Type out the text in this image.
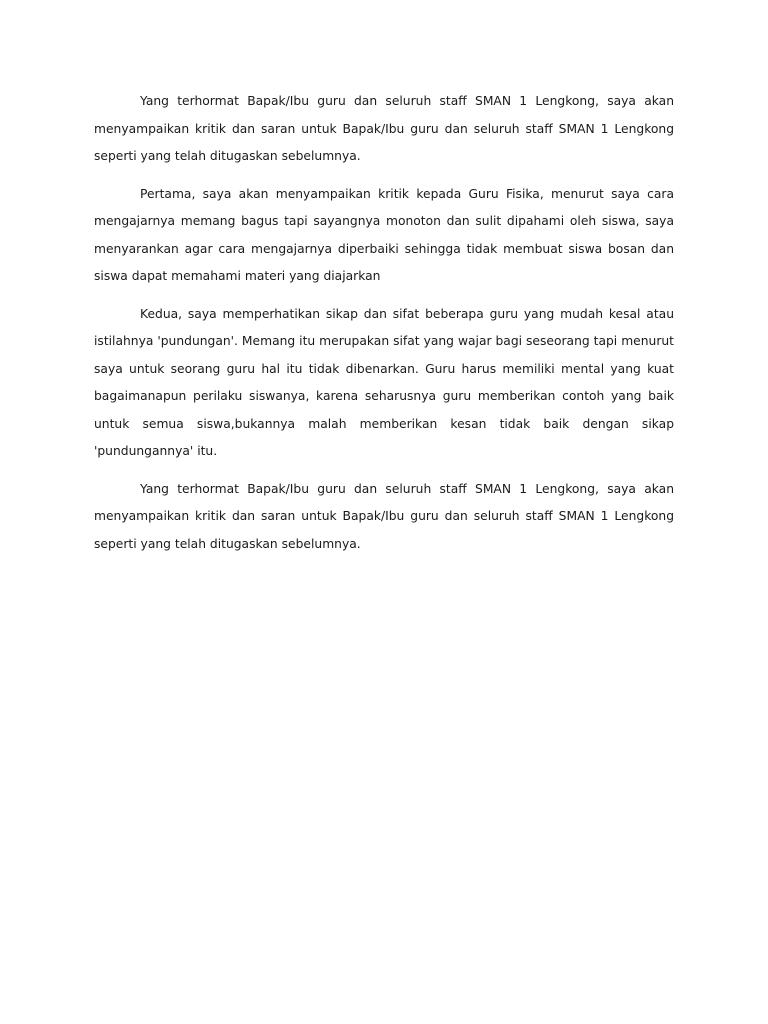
Yang terhormat Bapak/Ibu guru dan seluruh staff SMAN 1 Lengkong, saya akan menyampaikan kritik dan saran untuk Bapak/Ibu guru dan seluruh staff SMAN 1 Lengkong seperti yang telah ditugaskan sebelumnya.

Pertama, saya akan menyampaikan kritik kepada Guru Fisika, menurut saya cara mengajarnya memang bagus tapi sayangnya monoton dan sulit dipahami oleh siswa, saya menyarankan agar cara mengajarnya diperbaiki sehingga tidak membuat siswa bosan dan siswa dapat memahami materi yang diajarkan

Kedua, saya memperhatikan sikap dan sifat beberapa guru yang mudah kesal atau istilahnya 'pundungan'. Memang itu merupakan sifat yang wajar bagi seseorang tapi menurut saya untuk seorang guru hal itu tidak dibenarkan. Guru harus memiliki mental yang kuat bagaimanapun perilaku siswanya, karena seharusnya guru memberikan contoh yang baik untuk semua siswa,bukannya malah memberikan kesan tidak baik dengan sikap 'pundungannya' itu.

Yang terhormat Bapak/Ibu guru dan seluruh staff SMAN 1 Lengkong, saya akan menyampaikan kritik dan saran untuk Bapak/Ibu guru dan seluruh staff SMAN 1 Lengkong seperti yang telah ditugaskan sebelumnya.
